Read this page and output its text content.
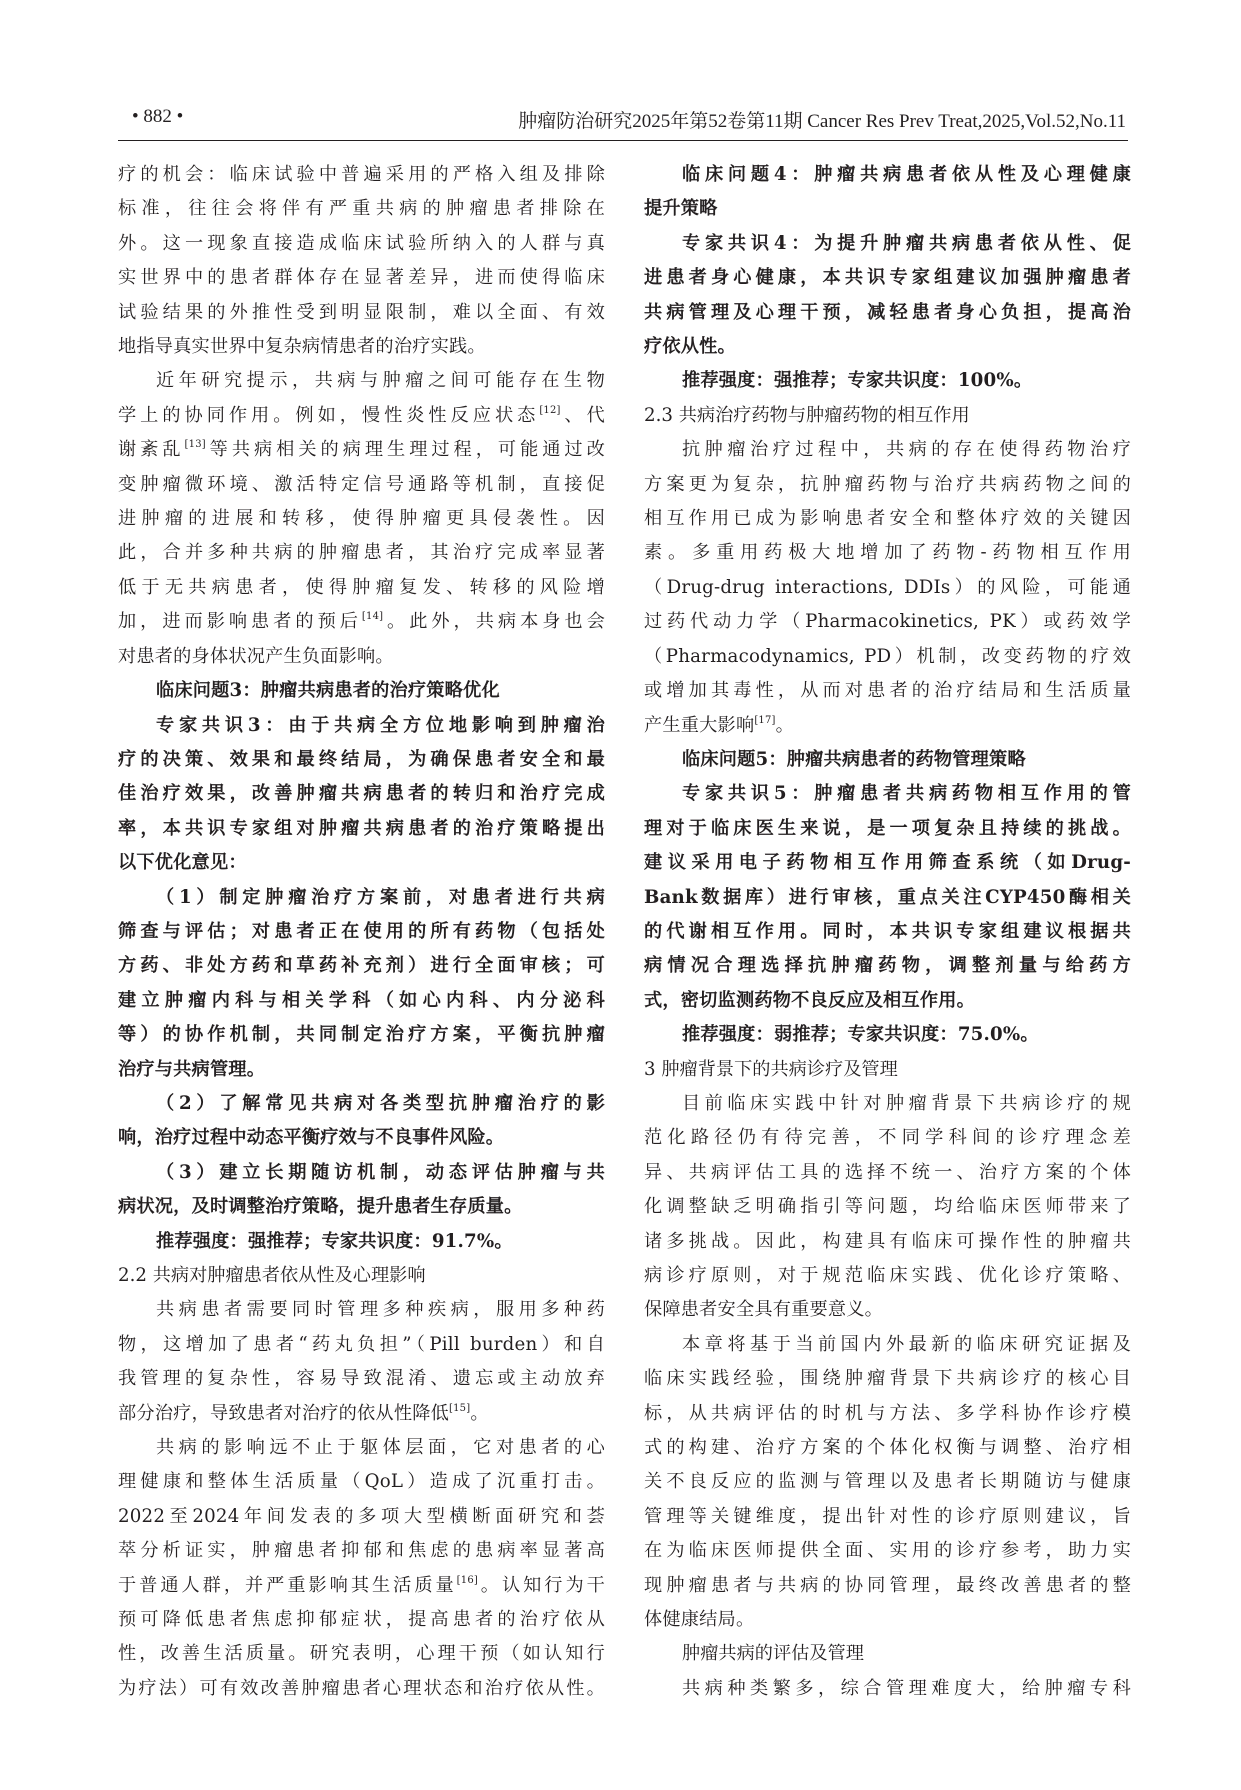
• 882 •	肿瘤防治研究2025年第52卷第11期 Cancer Res Prev Treat,2025,Vol.52,No.11

疗的机会：临床试验中普遍采用的严格入组及排除

标准，往往会将伴有严重共病的肿瘤患者排除在

外。这一现象直接造成临床试验所纳入的人群与真

实世界中的患者群体存在显著差异，进而使得临床

试验结果的外推性受到明显限制，难以全面、有效

地指导真实世界中复杂病情患者的治疗实践。

近年研究提示，共病与肿瘤之间可能存在生物

学上的协同作用。例如，慢性炎性反应状态[12]、代

谢紊乱[13]等共病相关的病理生理过程，可能通过改

变肿瘤微环境、激活特定信号通路等机制，直接促

进肿瘤的进展和转移，使得肿瘤更具侵袭性。因

此，合并多种共病的肿瘤患者，其治疗完成率显著

低于无共病患者，使得肿瘤复发、转移的风险增

加，进而影响患者的预后[14]。此外，共病本身也会

对患者的身体状况产生负面影响。

临床问题3：肿瘤共病患者的治疗策略优化

专家共识3：由于共病全方位地影响到肿瘤治

疗的决策、效果和最终结局，为确保患者安全和最

佳治疗效果，改善肿瘤共病患者的转归和治疗完成

率，本共识专家组对肿瘤共病患者的治疗策略提出

以下优化意见：

（1）制定肿瘤治疗方案前，对患者进行共病

筛查与评估；对患者正在使用的所有药物（包括处

方药、非处方药和草药补充剂）进行全面审核；可

建立肿瘤内科与相关学科（如心内科、内分泌科

等）的协作机制，共同制定治疗方案，平衡抗肿瘤

治疗与共病管理。

（2）了解常见共病对各类型抗肿瘤治疗的影

响，治疗过程中动态平衡疗效与不良事件风险。

（3）建立长期随访机制，动态评估肿瘤与共

病状况，及时调整治疗策略，提升患者生存质量。

推荐强度：强推荐；专家共识度：91.7%。

2.2 共病对肿瘤患者依从性及心理影响

共病患者需要同时管理多种疾病，服用多种药

物，这增加了患者“药丸负担”（Pill burden）和自

我管理的复杂性，容易导致混淆、遗忘或主动放弃

部分治疗，导致患者对治疗的依从性降低[15]。

共病的影响远不止于躯体层面，它对患者的心

理健康和整体生活质量（QoL）造成了沉重打击。

2022至2024年间发表的多项大型横断面研究和荟

萃分析证实，肿瘤患者抑郁和焦虑的患病率显著高

于普通人群，并严重影响其生活质量[16]。认知行为干

预可降低患者焦虑抑郁症状，提高患者的治疗依从

性，改善生活质量。研究表明，心理干预（如认知行

为疗法）可有效改善肿瘤患者心理状态和治疗依从性。

临床问题4：肿瘤共病患者依从性及心理健康

提升策略

专家共识4：为提升肿瘤共病患者依从性、促

进患者身心健康，本共识专家组建议加强肿瘤患者

共病管理及心理干预，减轻患者身心负担，提高治

疗依从性。

推荐强度：强推荐；专家共识度：100%。

2.3 共病治疗药物与肿瘤药物的相互作用

抗肿瘤治疗过程中，共病的存在使得药物治疗

方案更为复杂，抗肿瘤药物与治疗共病药物之间的

相互作用已成为影响患者安全和整体疗效的关键因

素。多重用药极大地增加了药物-药物相互作用

（Drug-drug interactions, DDIs）的风险，可能通

过药代动力学（Pharmacokinetics, PK）或药效学

（Pharmacodynamics, PD）机制，改变药物的疗效

或增加其毒性，从而对患者的治疗结局和生活质量

产生重大影响[17]。

临床问题5：肿瘤共病患者的药物管理策略

专家共识5：肿瘤患者共病药物相互作用的管

理对于临床医生来说，是一项复杂且持续的挑战。

建议采用电子药物相互作用筛查系统（如Drug-

Bank数据库）进行审核，重点关注CYP450酶相关

的代谢相互作用。同时，本共识专家组建议根据共

病情况合理选择抗肿瘤药物，调整剂量与给药方

式，密切监测药物不良反应及相互作用。

推荐强度：弱推荐；专家共识度：75.0%。

3 肿瘤背景下的共病诊疗及管理

目前临床实践中针对肿瘤背景下共病诊疗的规

范化路径仍有待完善，不同学科间的诊疗理念差

异、共病评估工具的选择不统一、治疗方案的个体

化调整缺乏明确指引等问题，均给临床医师带来了

诸多挑战。因此，构建具有临床可操作性的肿瘤共

病诊疗原则，对于规范临床实践、优化诊疗策略、

保障患者安全具有重要意义。

本章将基于当前国内外最新的临床研究证据及

临床实践经验，围绕肿瘤背景下共病诊疗的核心目

标，从共病评估的时机与方法、多学科协作诊疗模

式的构建、治疗方案的个体化权衡与调整、治疗相

关不良反应的监测与管理以及患者长期随访与健康

管理等关键维度，提出针对性的诊疗原则建议，旨

在为临床医师提供全面、实用的诊疗参考，助力实

现肿瘤患者与共病的协同管理，最终改善患者的整

体健康结局。

肿瘤共病的评估及管理

共病种类繁多，综合管理难度大，给肿瘤专科
